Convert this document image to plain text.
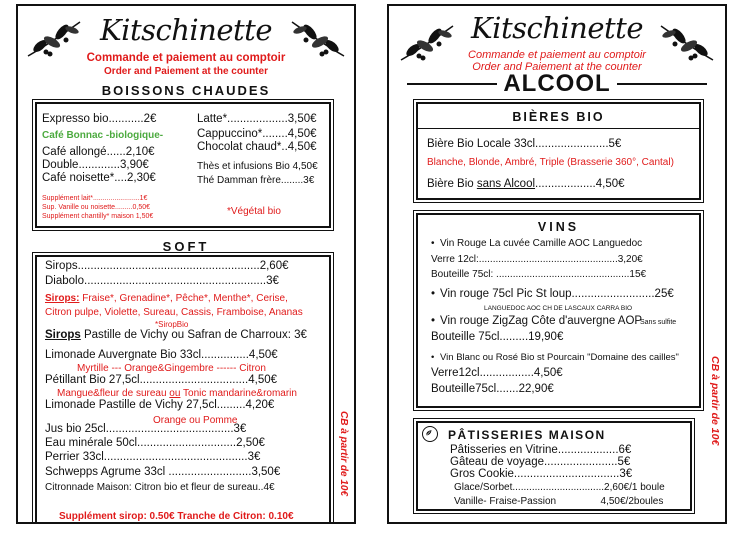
Kitschinette
Commande et paiement au comptoir
Order and Paiement at the counter
BOISSONS CHAUDES
Expresso bio...........2€
Café Bonnac -biologique-
Café allongé......2,10€
Double.............3,90€
Café noisette*....2,30€
Latte*...................3,50€
Cappuccino*........4,50€
Chocolat chaud*..4,50€
Thès et infusions Bio 4,50€
Thé Damman frère........3€
Supplément lait*........................1€
Sup. Vanille ou noisette.........0,50€
Supplément chantilly* maison 1,50€	*Végétal bio
SOFT
Sirops.........................................................2,60€
Diabolo.........................................................3€
Sirops: Fraise*, Grenadine*, Pêche*, Menthe*, Cerise,
Citron pulpe, Violette, Sureau, Cassis, Framboise, Ananas
*SiropBio
Sirops Pastille de Vichy ou Safran de Charroux: 3€
Limonade Auvergnate Bio 33cl...............4,50€
Myrtille --- Orange&Gingembre ------ Citron
Pétillant Bio 27,5cl..................................4,50€
Mangue&fleur de sureau ou Tonic mandarine&romarin
Limonade Pastille de Vichy 27,5cl.........4,20€
Orange ou Pomme
Jus bio 25cl........................................3€
Eau minérale 50cl...............................2,50€
Perrier 33cl.............................................3€
Schwepps Agrume 33cl ..........................3,50€
Citronnade Maison: Citron bio et fleur de sureau..4€
Supplément sirop: 0.50€ Tranche de Citron: 0.10€
CB à partir de 10€
Kitschinette
Commande et paiement au comptoir
Order and Paiement at the counter
ALCOOL
BIÈRES BIO
Bière Bio Locale 33cl.......................5€
Blanche, Blonde, Ambré, Triple (Brasserie 360°, Cantal)
Bière Bio sans Alcool...................4,50€
VINS
• Vin Rouge La cuvée Camille AOC Languedoc
Verre 12cl:..................................................3,20€
Bouteille 75cl: ................................................15€
• Vin rouge 75cl Pic St loup..........................25€
LANGUEDOC AOC CH DE LASCAUX CARRA BIO
• Vin rouge ZigZag Côte d'auvergne AOP
Sans sulfite
Bouteille 75cl.........19,90€
• Vin Blanc ou Rosé Bio st Pourcain "Domaine des cailles"
Verre12cl.................4,50€
Bouteille75cl.......22,90€	CB à partir de 10€
PÂTISSERIES MAISON
Pâtisseries en Vitrine...................6€
Gâteau de voyage.......................5€
Gros Cookie.................................3€
Glace/Sorbet.................................2,60€/1 boule
Vanille- Fraise-Passion                4,50€/2boules
